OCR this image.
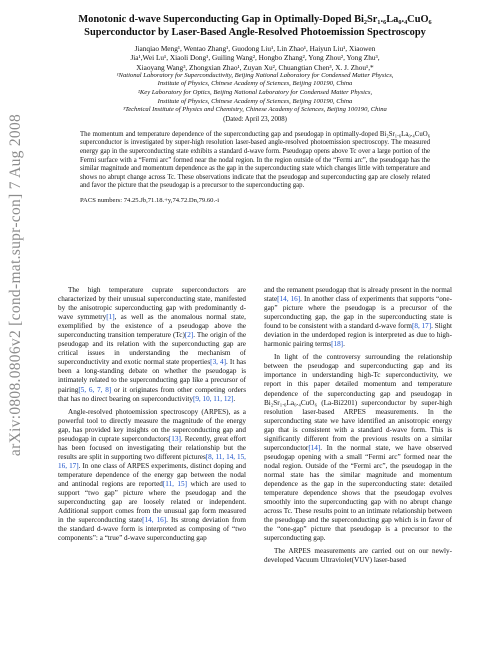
arXiv:0808.0806v2 [cond-mat.supr-con] 7 Aug 2008
Monotonic d-wave Superconducting Gap in Optimally-Doped Bi₂Sr₁.₆La₀.₄CuO₆
Superconductor by Laser-Based Angle-Resolved Photoemission Spectroscopy
Jianqiao Meng¹, Wentao Zhang¹, Guodong Liu¹, Lin Zhao¹, Haiyun Liu¹, Xiaowen
Jia¹,Wei Lu¹, Xiaoli Dong¹, Guiling Wang², Hongbo Zhang², Yong Zhou², Yong Zhu³,
Xiaoyang Wang³, Zhongxian Zhao¹, Zuyan Xu², Chuangtian Chen³, X. J. Zhou¹,*
¹National Laboratory for Superconductivity, Beijing National Laboratory for Condensed Matter Physics,
Institute of Physics, Chinese Academy of Sciences, Beijing 100190, China
²Key Laboratory for Optics, Beijing National Laboratory for Condensed Matter Physics,
Institute of Physics, Chinese Academy of Sciences, Beijing 100190, China
³Technical Institute of Physics and Chemistry, Chinese Academy of Sciences, Beijing 100190, China
(Dated: April 23, 2008)
The momentum and temperature dependence of the superconducting gap and pseudogap in optimally-doped Bi₂Sr₁.₆La₀.₄CuO₆ superconductor is investigated by super-high resolution laser-based angle-resolved photoemission spectroscopy. The measured energy gap in the superconducting state exhibits a standard d-wave form. Pseudogap opens above Tc over a large portion of the Fermi surface with a “Fermi arc” formed near the nodal region. In the region outside of the “Fermi arc”, the pseudogap has the similar magnitude and momentum dependence as the gap in the superconducting state which changes little with temperature and shows no abrupt change across Tc. These observations indicate that the pseudogap and superconducting gap are closely related and favor the picture that the pseudogap is a precursor to the superconducting gap.
PACS numbers: 74.25.Jb,71.18.+y,74.72.Dn,79.60.-i

The high temperature cuprate superconductors are characterized by their unusual superconducting state, manifested by the anisotropic superconducting gap with predominantly d-wave symmetry[1], as well as the anomalous normal state, exemplified by the existence of a pseudogap above the superconducting transition temperature (Tc)[2]. The origin of the pseudogap and its relation with the superconducting gap are critical issues in understanding the mechanism of superconductivity and exotic normal state properties[3, 4]. It has been a long-standing debate on whether the pseudogap is intimately related to the superconducting gap like a precursor of pairing[5, 6, 7, 8] or it originates from other competing orders that has no direct bearing on superconductivity[9, 10, 11, 12].

Angle-resolved photoemission spectroscopy (ARPES), as a powerful tool to directly measure the magnitude of the energy gap, has provided key insights on the superconducting gap and pseudogap in cuprate superconductors[13]. Recently, great effort has been focused on investigating their relationship but the results are split in supporting two different pictures[8, 11, 14, 15, 16, 17]. In one class of ARPES experiments, distinct doping and temperature dependence of the energy gap between the nodal and antinodal regions are reported[11, 15] which are used to support “two gap” picture where the pseudogap and the superconducting gap are loosely related or independent. Additional support comes from the unusual gap form measured in the superconducting state[14, 16]. Its strong deviation from the standard d-wave form is interpreted as composing of “two components”: a “true” d-wave superconducting gap

and the remanent pseudogap that is already present in the normal state[14, 16]. In another class of experiments that supports “one-gap” picture where the pseudogap is a precursor of the superconducting gap, the gap in the superconducting state is found to be consistent with a standard d-wave form[8, 17]. Slight deviation in the underdoped region is interpreted as due to high-harmonic pairing terms[18].

In light of the controversy surrounding the relationship between the pseudogap and superconducting gap and its importance in understanding high-Tc superconductivity, we report in this paper detailed momentum and temperature dependence of the superconducting gap and pseudogap in Bi₂Sr₁.₆La₀.₄CuO₆ (La-Bi2201) superconductor by super-high resolution laser-based ARPES measurements. In the superconducting state we have identified an anisotropic energy gap that is consistent with a standard d-wave form. This is significantly different from the previous results on a similar superconductor[14]. In the normal state, we have observed pseudogap opening with a small “Fermi arc” formed near the nodal region. Outside of the “Fermi arc”, the pseudogap in the normal state has the similar magnitude and momentum dependence as the gap in the superconducting state: detailed temperature dependence shows that the pseudogap evolves smoothly into the superconducting gap with no abrupt change across Tc. These results point to an intimate relationship between the pseudogap and the superconducting gap which is in favor of the “one-gap” picture that pseudogap is a precursor to the superconducting gap.

The ARPES measurements are carried out on our newly-developed Vacuum Ultraviolet(VUV) laser-based
